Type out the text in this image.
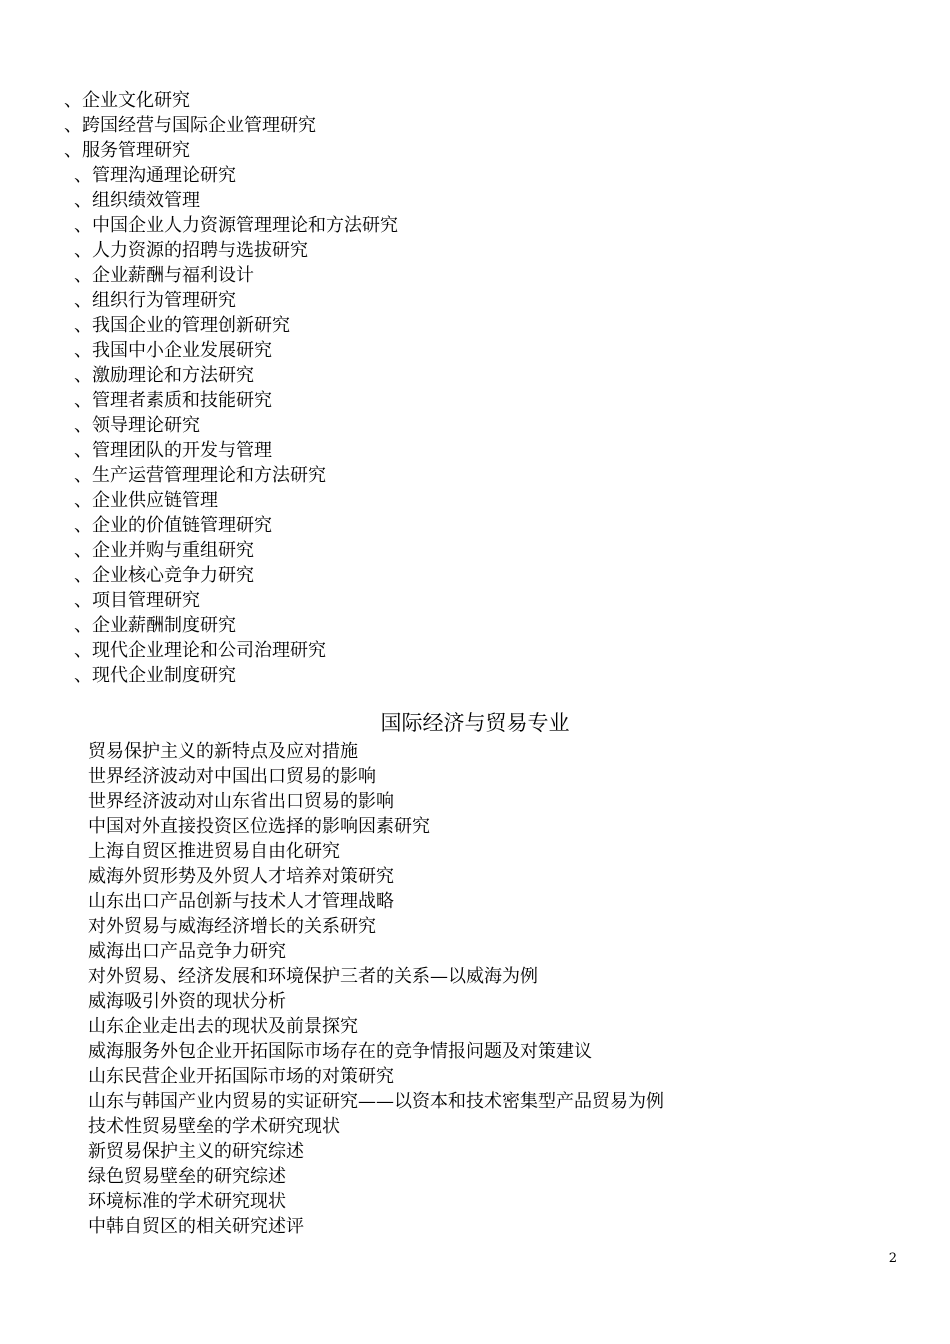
、企业文化研究
、跨国经营与国际企业管理研究
、服务管理研究
、管理沟通理论研究
、组织绩效管理
、中国企业人力资源管理理论和方法研究
、人力资源的招聘与选拔研究
、企业薪酬与福利设计
、组织行为管理研究
、我国企业的管理创新研究
、我国中小企业发展研究
、激励理论和方法研究
、管理者素质和技能研究
、领导理论研究
、管理团队的开发与管理
、生产运营管理理论和方法研究
、企业供应链管理
、企业的价值链管理研究
、企业并购与重组研究
、企业核心竞争力研究
、项目管理研究
、企业薪酬制度研究
、现代企业理论和公司治理研究
、现代企业制度研究
国际经济与贸易专业
贸易保护主义的新特点及应对措施
世界经济波动对中国出口贸易的影响
世界经济波动对山东省出口贸易的影响
中国对外直接投资区位选择的影响因素研究
上海自贸区推进贸易自由化研究
威海外贸形势及外贸人才培养对策研究
山东出口产品创新与技术人才管理战略
对外贸易与威海经济增长的关系研究
威海出口产品竞争力研究
对外贸易、经济发展和环境保护三者的关系—以威海为例
威海吸引外资的现状分析
山东企业走出去的现状及前景探究
威海服务外包企业开拓国际市场存在的竞争情报问题及对策建议
山东民营企业开拓国际市场的对策研究
山东与韩国产业内贸易的实证研究——以资本和技术密集型产品贸易为例
技术性贸易壁垒的学术研究现状
新贸易保护主义的研究综述
绿色贸易壁垒的研究综述
环境标准的学术研究现状
中韩自贸区的相关研究述评
2
